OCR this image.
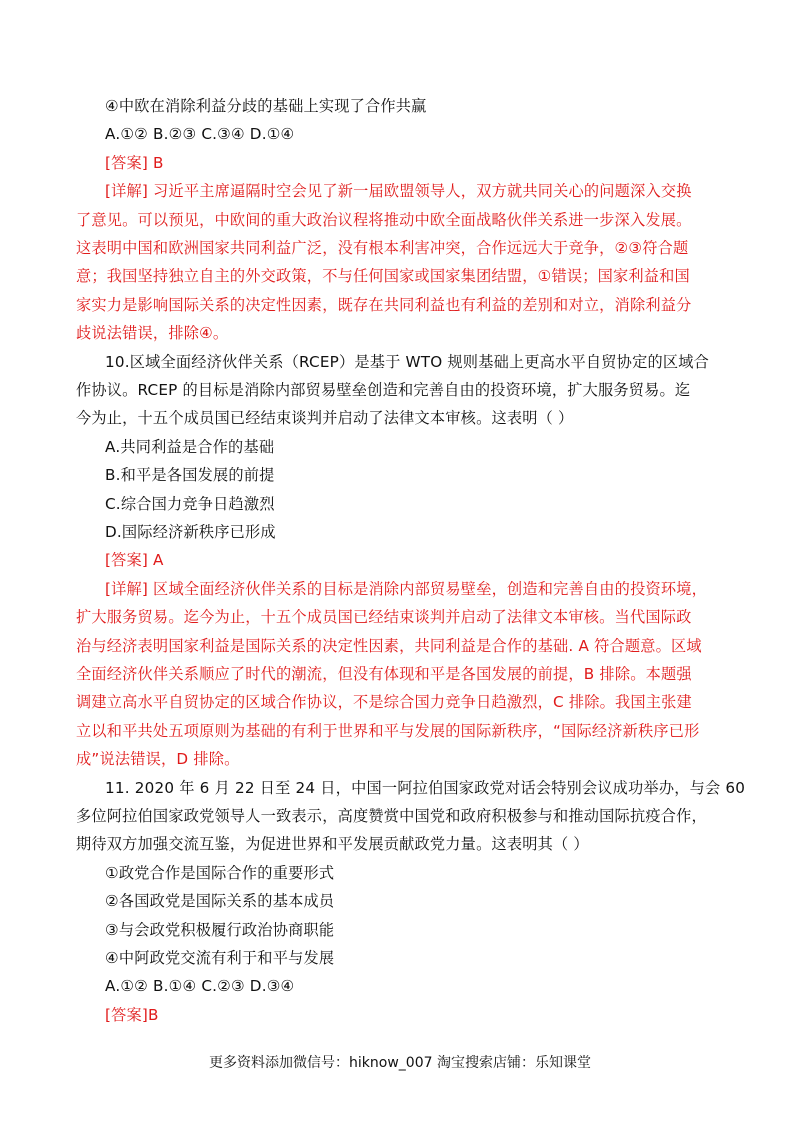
④中欧在消除利益分歧的基础上实现了合作共赢
A.①② B.②③ C.③④ D.①④
[答案] B
[详解] 习近平主席逼隔时空会见了新一届欧盟领导人，双方就共同关心的问题深入交换
了意见。可以预见，中欧间的重大政治议程将推动中欧全面战略伙伴关系进一步深入发展。
这表明中国和欧洲国家共同利益广泛，没有根本利害冲突，合作远远大于竞争，②③符合题
意；我国坚持独立自主的外交政策，不与任何国家或国家集团结盟，①错误；国家利益和国
家实力是影响国际关系的决定性因素，既存在共同利益也有利益的差别和对立，消除利益分
歧说法错误，排除④。
10.区域全面经济伙伴关系（RCEP）是基于 WTO 规则基础上更高水平自贸协定的区域合
作协议。RCEP 的目标是消除内部贸易壁垒创造和完善自由的投资环境，扩大服务贸易。迄
今为止，十五个成员国已经结束谈判并启动了法律文本审核。这表明（ ）
A.共同利益是合作的基础
B.和平是各国发展的前提
C.综合国力竞争日趋激烈
D.国际经济新秩序已形成
[答案] A
[详解] 区域全面经济伙伴关系的目标是消除内部贸易壁垒，创造和完善自由的投资环境，
扩大服务贸易。迄今为止，十五个成员国已经结束谈判并启动了法律文本审核。当代国际政
治与经济表明国家利益是国际关系的决定性因素，共同利益是合作的基础. A 符合题意。区域
全面经济伙伴关系顺应了时代的潮流，但没有体现和平是各国发展的前提，B 排除。本题强
调建立高水平自贸协定的区域合作协议，不是综合国力竞争日趋激烈，C 排除。我国主张建
立以和平共处五项原则为基础的有利于世界和平与发展的国际新秩序，“国际经济新秩序已形
成”说法错误，D 排除。
11. 2020 年 6 月 22 日至 24 日，中国一阿拉伯国家政党对话会特别会议成功举办，与会 60
多位阿拉伯国家政党领导人一致表示，高度赞赏中国党和政府积极参与和推动国际抗疫合作，
期待双方加强交流互鉴，为促进世界和平发展贡献政党力量。这表明其（ ）
①政党合作是国际合作的重要形式
②各国政党是国际关系的基本成员
③与会政党积极履行政治协商职能
④中阿政党交流有利于和平与发展
A.①② B.①④ C.②③ D.③④
[答案]B
更多资料添加微信号：hiknow_007 淘宝搜索店铺：乐知课堂
